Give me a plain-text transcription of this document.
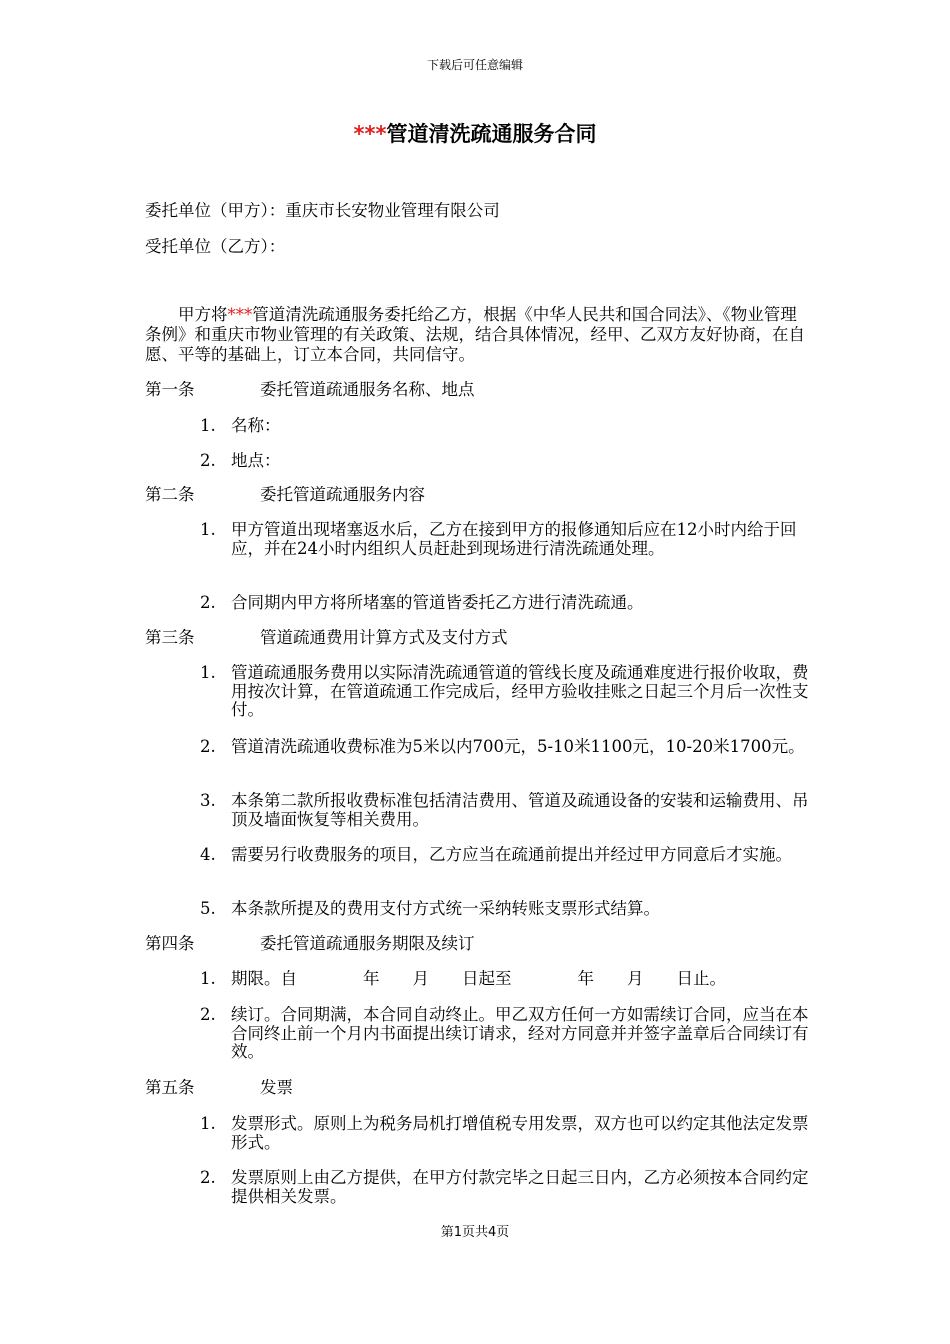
下载后可任意编辑
***管道清洗疏通服务合同
委托单位（甲方）：重庆市长安物业管理有限公司
受托单位（乙方）：
甲方将***管道清洗疏通服务委托给乙方，根据《中华人民共和国合同法》、《物业管理条例》和重庆市物业管理的有关政策、法规，结合具体情况，经甲、乙双方友好协商，在自愿、平等的基础上，订立本合同，共同信守。
第一条	委托管道疏通服务名称、地点
1. 名称：
2. 地点：
第二条	委托管道疏通服务内容
1. 甲方管道出现堵塞返水后，乙方在接到甲方的报修通知后应在12小时内给于回应，并在24小时内组织人员赶赴到现场进行清洗疏通处理。
2. 合同期内甲方将所堵塞的管道皆委托乙方进行清洗疏通。
第三条	管道疏通费用计算方式及支付方式
1. 管道疏通服务费用以实际清洗疏通管道的管线长度及疏通难度进行报价收取，费用按次计算，在管道疏通工作完成后，经甲方验收挂账之日起三个月后一次性支付。
2. 管道清洗疏通收费标准为5米以内700元，5-10米1100元，10-20米1700元。
3. 本条第二款所报收费标准包括清洁费用、管道及疏通设备的安装和运输费用、吊顶及墙面恢复等相关费用。
4. 需要另行收费服务的项目，乙方应当在疏通前提出并经过甲方同意后才实施。
5. 本条款所提及的费用支付方式统一采纳转账支票形式结算。
第四条	委托管道疏通服务期限及续订
1. 期限。自　　　　年　　月　　日起至　　　　年　　月　　日止。
2. 续订。合同期满，本合同自动终止。甲乙双方任何一方如需续订合同，应当在本合同终止前一个月内书面提出续订请求，经对方同意并并签字盖章后合同续订有效。
第五条	发票
1. 发票形式。原则上为税务局机打增值税专用发票，双方也可以约定其他法定发票形式。
2. 发票原则上由乙方提供，在甲方付款完毕之日起三日内，乙方必须按本合同约定提供相关发票。
第1页共4页
